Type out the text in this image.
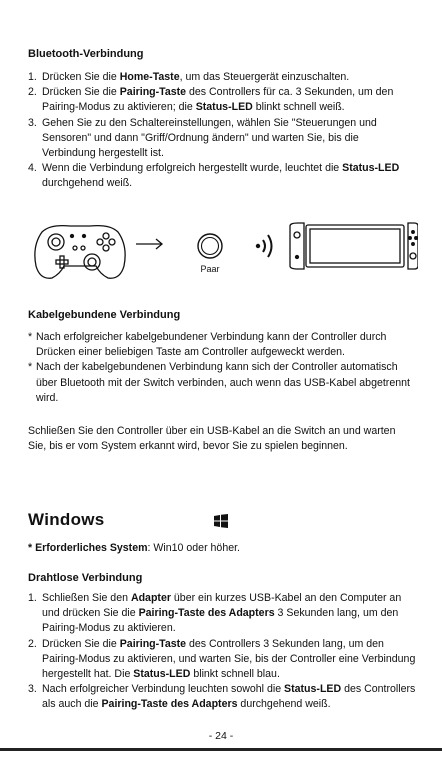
Bluetooth-Verbindung
1. Drücken Sie die Home-Taste, um das Steuergerät einzuschalten.
2. Drücken Sie die Pairing-Taste des Controllers für ca. 3 Sekunden, um den Pairing-Modus zu aktivieren; die Status-LED blinkt schnell weiß.
3. Gehen Sie zu den Schaltereinstellungen, wählen Sie "Steuerungen und Sensoren" und dann "Griff/Ordnung ändern" und warten Sie, bis die Verbindung hergestellt ist.
4. Wenn die Verbindung erfolgreich hergestellt wurde, leuchtet die Status-LED durchgehend weiß.
Paar
Kabelgebundene Verbindung
* Nach erfolgreicher kabelgebundener Verbindung kann der Controller durch Drücken einer beliebigen Taste am Controller aufgeweckt werden.
* Nach der kabelgebundenen Verbindung kann sich der Controller automatisch über Bluetooth mit der Switch verbinden, auch wenn das USB-Kabel abgetrennt wird.
Schließen Sie den Controller über ein USB-Kabel an die Switch an und warten Sie, bis er vom System erkannt wird, bevor Sie zu spielen beginnen.
Windows
* Erforderliches System: Win10 oder höher.
Drahtlose Verbindung
1. Schließen Sie den Adapter über ein kurzes USB-Kabel an den Computer an und drücken Sie die Pairing-Taste des Adapters 3 Sekunden lang, um den Pairing-Modus zu aktivieren.
2. Drücken Sie die Pairing-Taste des Controllers 3 Sekunden lang, um den Pairing-Modus zu aktivieren, und warten Sie, bis der Controller eine Verbindung hergestellt hat. Die Status-LED blinkt schnell blau.
3. Nach erfolgreicher Verbindung leuchten sowohl die Status-LED des Controllers als auch die Pairing-Taste des Adapters durchgehend weiß.
- 24 -
